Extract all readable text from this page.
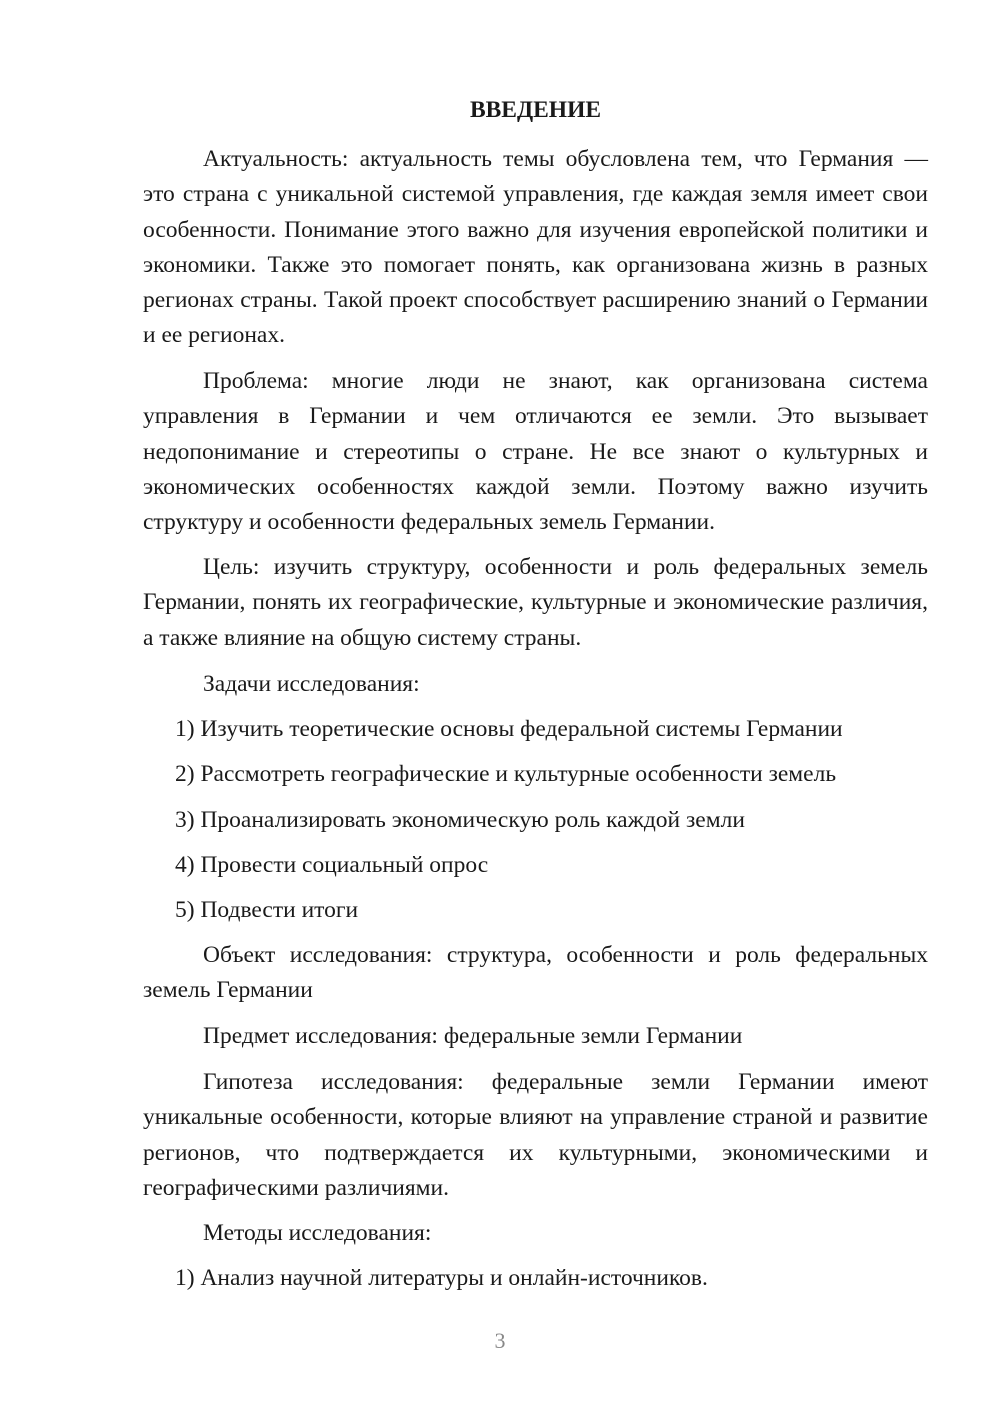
ВВЕДЕНИЕ

Актуальность: актуальность темы обусловлена тем, что Германия — это страна с уникальной системой управления, где каждая земля имеет свои особенности. Понимание этого важно для изучения европейской политики и экономики. Также это помогает понять, как организована жизнь в разных регионах страны. Такой проект способствует расширению знаний о Германии и ее регионах.

Проблема: многие люди не знают, как организована система управления в Германии и чем отличаются ее земли. Это вызывает недопонимание и стереотипы о стране. Не все знают о культурных и экономических особенностях каждой земли. Поэтому важно изучить структуру и особенности федеральных земель Германии.

Цель: изучить структуру, особенности и роль федеральных земель Германии, понять их географические, культурные и экономические различия, а также влияние на общую систему страны.

Задачи исследования:

1) Изучить теоретические основы федеральной системы Германии

2) Рассмотреть географические и культурные особенности земель

3) Проанализировать экономическую роль каждой земли

4) Провести социальный опрос

5) Подвести итоги

Объект исследования: структура, особенности и роль федеральных земель Германии

Предмет исследования: федеральные земли Германии

Гипотеза исследования: федеральные земли Германии имеют уникальные особенности, которые влияют на управление страной и развитие регионов, что подтверждается их культурными, экономическими и географическими различиями.

Методы исследования:

1) Анализ научной литературы и онлайн-источников.

3
